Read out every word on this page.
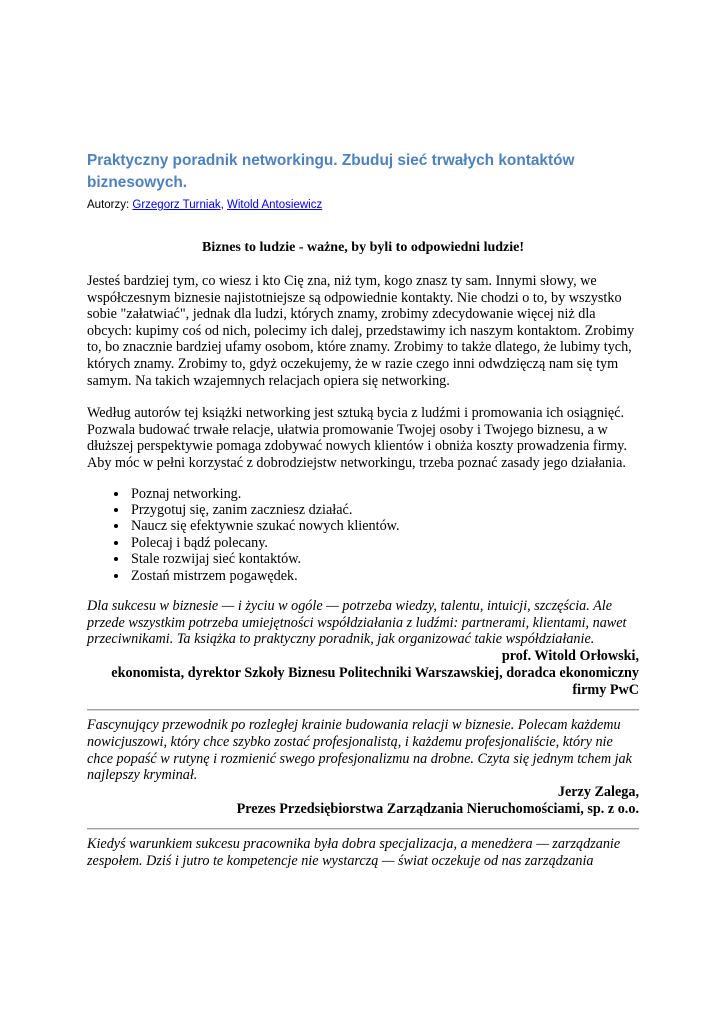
Praktyczny poradnik networkingu. Zbuduj sieć trwałych kontaktów biznesowych.
Autorzy: Grzegorz Turniak, Witold Antosiewicz
Biznes to ludzie - ważne, by byli to odpowiedni ludzie!

Jesteś bardziej tym, co wiesz i kto Cię zna, niż tym, kogo znasz ty sam. Innymi słowy, we współczesnym biznesie najistotniejsze są odpowiednie kontakty. Nie chodzi o to, by wszystko sobie "załatwiać", jednak dla ludzi, których znamy, zrobimy zdecydowanie więcej niż dla obcych: kupimy coś od nich, polecimy ich dalej, przedstawimy ich naszym kontaktom. Zrobimy to, bo znacznie bardziej ufamy osobom, które znamy. Zrobimy to także dlatego, że lubimy tych, których znamy. Zrobimy to, gdyż oczekujemy, że w razie czego inni odwdzięczą nam się tym samym. Na takich wzajemnych relacjach opiera się networking.

Według autorów tej książki networking jest sztuką bycia z ludźmi i promowania ich osiągnięć. Pozwala budować trwałe relacje, ułatwia promowanie Twojej osoby i Twojego biznesu, a w dłuższej perspektywie pomaga zdobywać nowych klientów i obniża koszty prowadzenia firmy. Aby móc w pełni korzystać z dobrodziejstw networkingu, trzeba poznać zasady jego działania.

• Poznaj networking.
• Przygotuj się, zanim zaczniesz działać.
• Naucz się efektywnie szukać nowych klientów.
• Polecaj i bądź polecany.
• Stale rozwijaj sieć kontaktów.
• Zostań mistrzem pogawędek.
Dla sukcesu w biznesie — i życiu w ogóle — potrzeba wiedzy, talentu, intuicji, szczęścia. Ale przede wszystkim potrzeba umiejętności współdziałania z ludźmi: partnerami, klientami, nawet przeciwnikami. Ta książka to praktyczny poradnik, jak organizować takie współdziałanie.
prof. Witold Orłowski,
ekonomista, dyrektor Szkoły Biznesu Politechniki Warszawskiej, doradca ekonomiczny firmy PwC
Fascynujący przewodnik po rozległej krainie budowania relacji w biznesie. Polecam każdemu nowicjuszowi, który chce szybko zostać profesjonalistą, i każdemu profesjonaliście, który nie chce popaść w rutynę i rozmienić swego profesjonalizmu na drobne. Czyta się jednym tchem jak najlepszy kryminał.
Jerzy Zalega,
Prezes Przedsiębiorstwa Zarządzania Nieruchomościami, sp. z o.o.
Kiedyś warunkiem sukcesu pracownika była dobra specjalizacja, a menedżera — zarządzanie zespołem. Dziś i jutro te kompetencje nie wystarczą — świat oczekuje od nas zarządzania
